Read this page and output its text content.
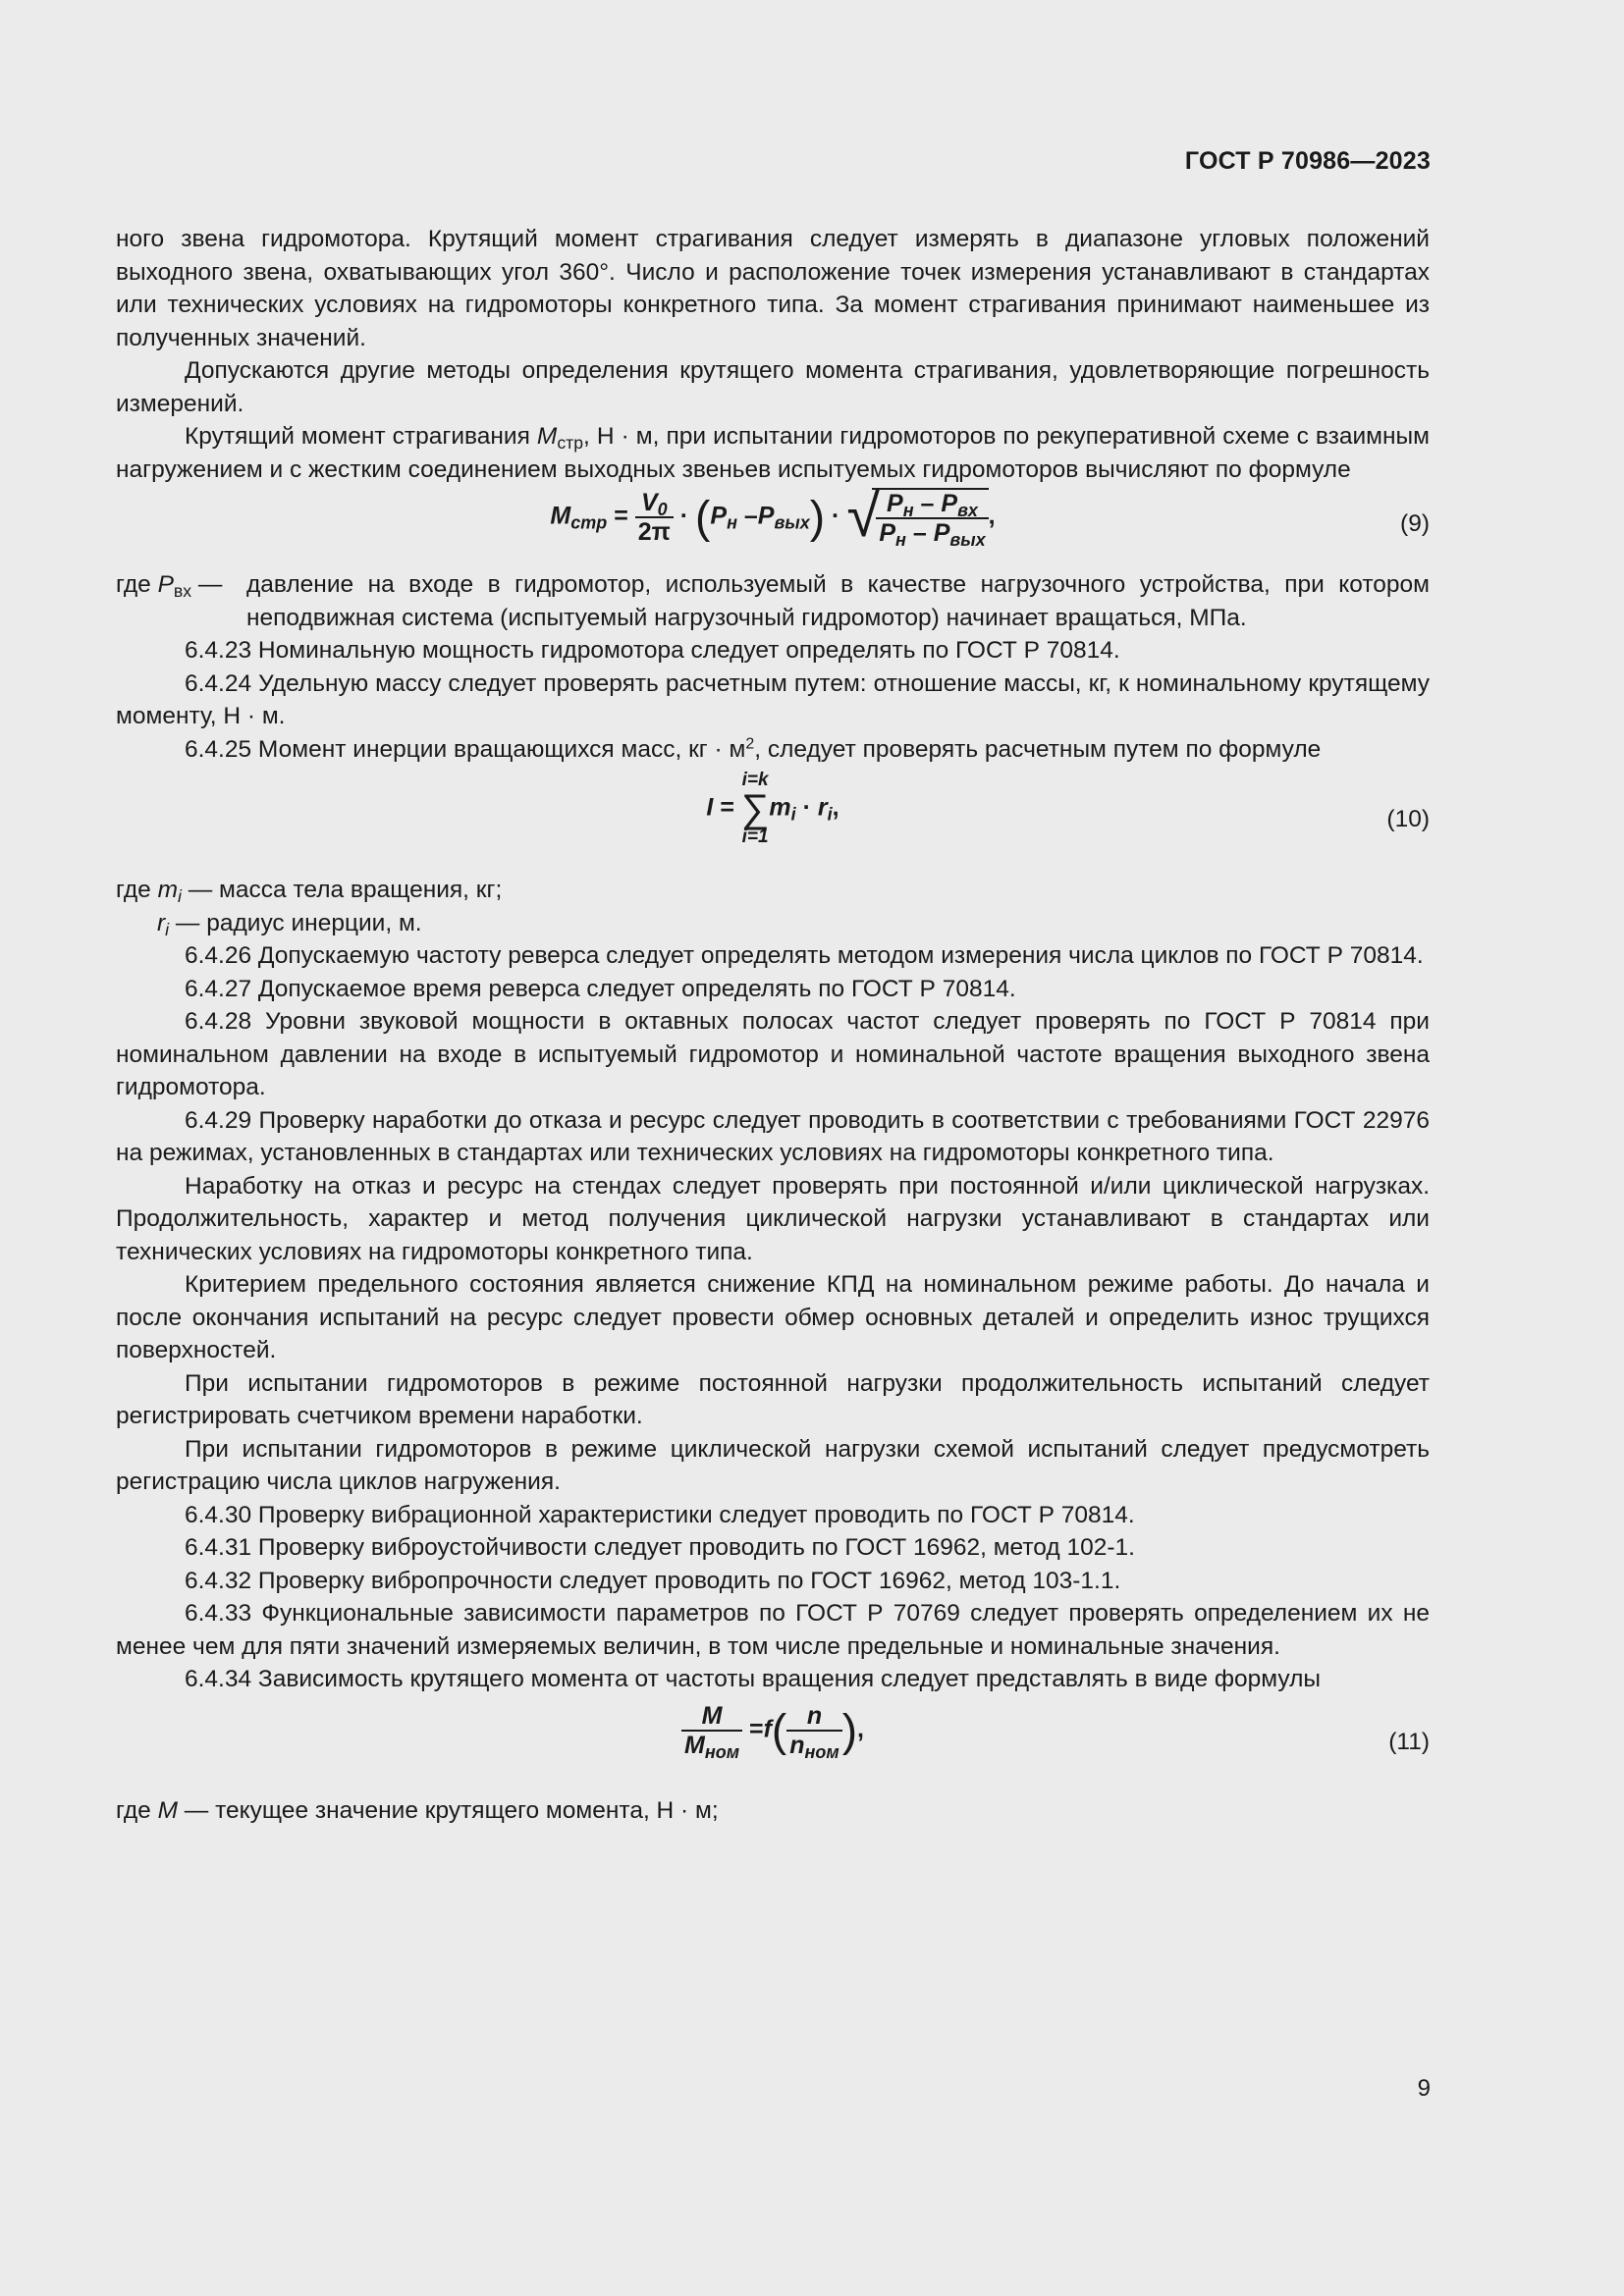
ГОСТ Р 70986—2023

ного звена гидромотора. Крутящий момент страгивания следует измерять в диапазоне угловых положений выходного звена, охватывающих угол 360°. Число и расположение точек измерения устанавливают в стандартах или технических условиях на гидромоторы конкретного типа. За момент страгивания принимают наименьшее из полученных значений.

Допускаются другие методы определения крутящего момента страгивания, удовлетворяющие погрешность измерений.

Крутящий момент страгивания $M_{стр}$, Н · м, при испытании гидромоторов по рекуперативной схеме с взаимным нагружением и с жестким соединением выходных звеньев испытуемых гидромоторов вычисляют по формуле

$M_{стр} = \frac{V_0}{2\pi} \cdot (P_н$ $-P_{вых}$) · √
$\frac{P_н - P_{вх}}{P_н - P_{вых}}$ ,	(9)
где $P_{вх}$ — давление на входе в гидромотор, используемый в качестве нагрузочного устройства, при котором неподвижная система (испытуемый нагрузочный гидромотор) начинает вращаться, МПа.

6.4.23 Номинальную мощность гидромотора следует определять по ГОСТ Р 70814.

6.4.24 Удельную массу следует проверять расчетным путем: отношение массы, кг, к номинальному крутящему моменту, Н · м.

6.4.25 Момент инерции вращающихся масс, кг · $м^2$, следует проверять расчетным путем по формуле

I =
i=k
∑
i=1
$m_i \cdot r_i$,	(10)

где $m_i$ — масса тела вращения, кг;

$r_i$ — радиус инерции, м.

6.4.26 Допускаемую частоту реверса следует определять методом измерения числа циклов по ГОСТ Р 70814.

6.4.27 Допускаемое время реверса следует определять по ГОСТ Р 70814.

6.4.28 Уровни звуковой мощности в октавных полосах частот следует проверять по ГОСТ Р 70814 при номинальном давлении на входе в испытуемый гидромотор и номинальной частоте вращения выходного звена гидромотора.

6.4.29 Проверку наработки до отказа и ресурс следует проводить в соответствии с требованиями ГОСТ 22976 на режимах, установленных в стандартах или технических условиях на гидромоторы конкретного типа.

Наработку на отказ и ресурс на стендах следует проверять при постоянной и/или циклической нагрузках. Продолжительность, характер и метод получения циклической нагрузки устанавливают в стандартах или технических условиях на гидромоторы конкретного типа.

Критерием предельного состояния является снижение КПД на номинальном режиме работы. До начала и после окончания испытаний на ресурс следует провести обмер основных деталей и определить износ трущихся поверхностей.

При испытании гидромоторов в режиме постоянной нагрузки продолжительность испытаний следует регистрировать счетчиком времени наработки.

При испытании гидромоторов в режиме циклической нагрузки схемой испытаний следует предусмотреть регистрацию числа циклов нагружения.

6.4.30 Проверку вибрационной характеристики следует проводить по ГОСТ Р 70814.

6.4.31 Проверку виброустойчивости следует проводить по ГОСТ 16962, метод 102-1.

6.4.32 Проверку вибропрочности следует проводить по ГОСТ 16962, метод 103-1.1.

6.4.33 Функциональные зависимости параметров по ГОСТ Р 70769 следует проверять определением их не менее чем для пяти значений измеряемых величин, в том числе предельные и номинальные значения.

6.4.34 Зависимость крутящего момента от частоты вращения следует представлять в виде формулы

$\frac{M}{M_{ном}} =f( \frac{n}{n_{ном}}$ ),	(11)

где M — текущее значение крутящего момента, Н · м;

9
